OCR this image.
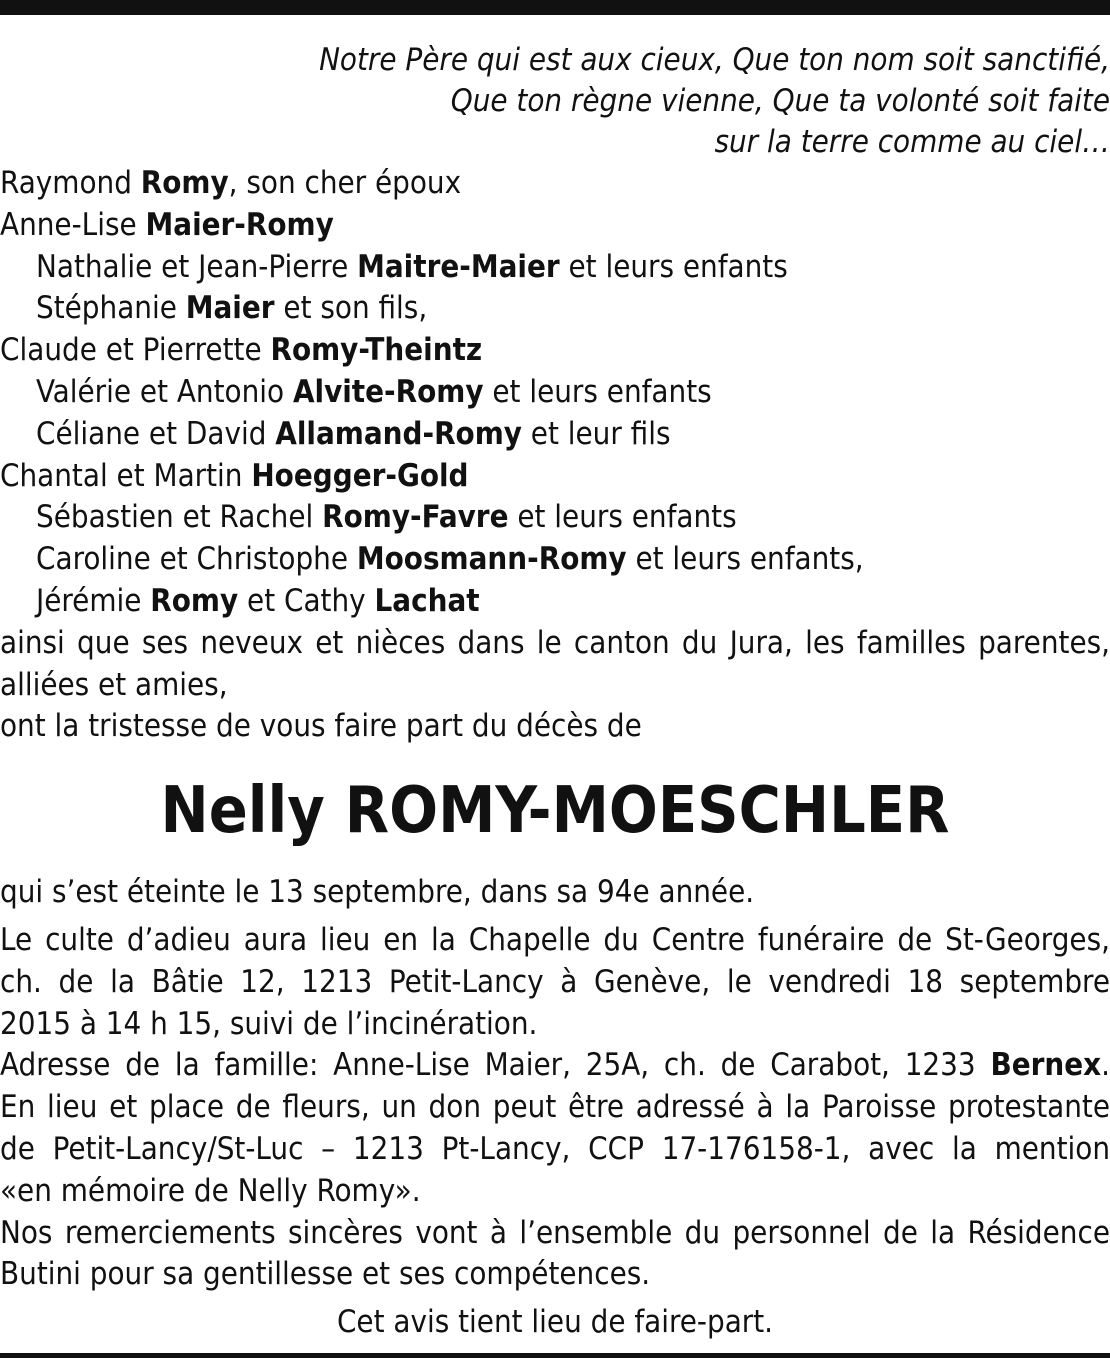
Notre Père qui est aux cieux, Que ton nom soit sanctifié,
Que ton règne vienne, Que ta volonté soit faite
sur la terre comme au ciel…
Raymond Romy, son cher époux
Anne-Lise Maier-Romy
Nathalie et Jean-Pierre Maitre-Maier et leurs enfants
Stéphanie Maier et son fils,
Claude et Pierrette Romy-Theintz
Valérie et Antonio Alvite-Romy et leurs enfants
Céliane et David Allamand-Romy et leur fils
Chantal et Martin Hoegger-Gold
Sébastien et Rachel Romy-Favre et leurs enfants
Caroline et Christophe Moosmann-Romy et leurs enfants,
Jérémie Romy et Cathy Lachat
ainsi que ses neveux et nièces dans le canton du Jura, les familles parentes,
alliées et amies,
ont la tristesse de vous faire part du décès de
Nelly ROMY-MOESCHLER
qui s’est éteinte le 13 septembre, dans sa 94e année.
Le culte d’adieu aura lieu en la Chapelle du Centre funéraire de St-Georges,
ch. de la Bâtie 12, 1213 Petit-Lancy à Genève, le vendredi 18 septembre
2015 à 14 h 15, suivi de l’incinération.
Adresse de la famille: Anne-Lise Maier, 25A, ch. de Carabot, 1233 Bernex.
En lieu et place de fleurs, un don peut être adressé à la Paroisse protestante
de Petit-Lancy/St-Luc – 1213 Pt-Lancy, CCP 17-176158-1, avec la mention
«en mémoire de Nelly Romy».
Nos remerciements sincères vont à l’ensemble du personnel de la Résidence
Butini pour sa gentillesse et ses compétences.
Cet avis tient lieu de faire-part.
